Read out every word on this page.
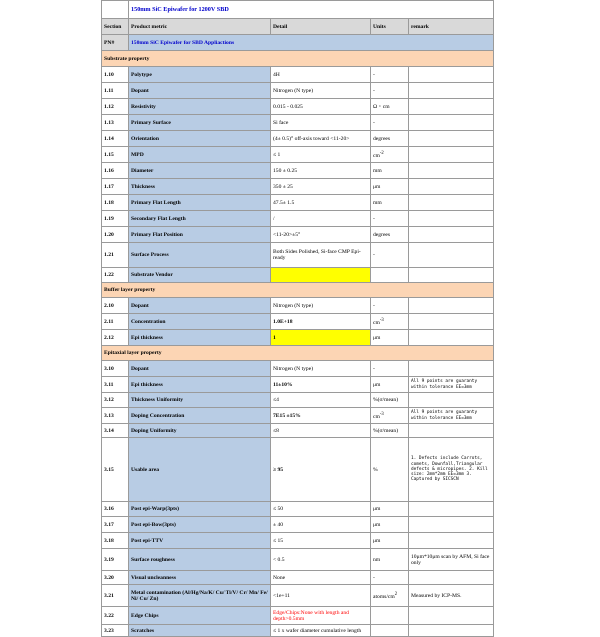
	150mm SiC Epiwafer for 1200V SBD			
Section	Product metric	Detail	Units	remark
PN#	150mm SiC Epiwafer for SBD Appliactions			
Substrate property				
1.10	Polytype	4H	-	
1.11	Dopant	Nitrogen (N type)	-	
1.12	Resistivity	0.015 - 0.025	Ω・cm	
1.13	Primary Surface	Si face	-	
1.14	Orientation	(4± 0.5)° off-axis toward <11-20>	degrees	
1.15	MPD	≤ 1	$cm^{-2}$	
1.16	Diameter	150 ± 0.25	mm	
1.17	Thickness	350 ± 25	μm	
1.18	Primary Flat Length	47.5± 1.5	mm	
1.19	Secondary Flat Length	/	-	
1.20	Primary Flat Position	<11-20>±5°	degrees	
1.21	Surface Process	Both Sides Polished, Si-face CMP Epi-ready	-	
1.22	Substrate Vendor			
Buffer layer property				
2.10	Dopant	Nitrogen (N type)	-	
2.11	Concentration	1.0E+18	$cm^{-3}$	
2.12	Epi thickness	1	μm	
Epitaxial layer property				
3.10	Dopant	Nitrogen (N type)	-	
3.11	Epi thickness	11±10%	μm	All 9 points are guaranty within tolerance EE=3mm
3.12	Thickness Uniformity	≤4	%(σ/mean)	
3.13	Doping Concentration	7E15 ±15%	$cm^{-3}$	All 9 points are guaranty within tolerance EE=3mm
3.14	Doping Uniformity	≤8	%(σ/mean)	
3.15	Usable area	≥ 95	%	1. Defects include Carrots, comets, Downfall,Triangular defects & micropipes. 2. Kill size: 2mm*2mm EE=3mm 3. Captured by SICSCN
3.16	Post epi-Warp(3pts)	≤ 50	μm	
3.17	Post epi-Bow(3pts)	± 40	μm	
3.18	Post epi-TTV	≤ 15	μm	
3.19	Surface roughness	< 0.5	nm	10μm*10μm scan by AFM, Si face only
3.20	Visual uncleanness	None	-	
3.21	Metal contamination (Al/Hg/Na/K/ Cu/ Ti/V/ Cr/ Mn/ Fe/ Ni/ Cu/ Zn)	<1e+11	atoms/$cm^2$	Measured by ICP-MS.
3.22	Edge Chips	Edge/Chips:None with length and depth>0.5mm		
3.23	Scratches	≤ 1 x wafer diameter cumulative length		
